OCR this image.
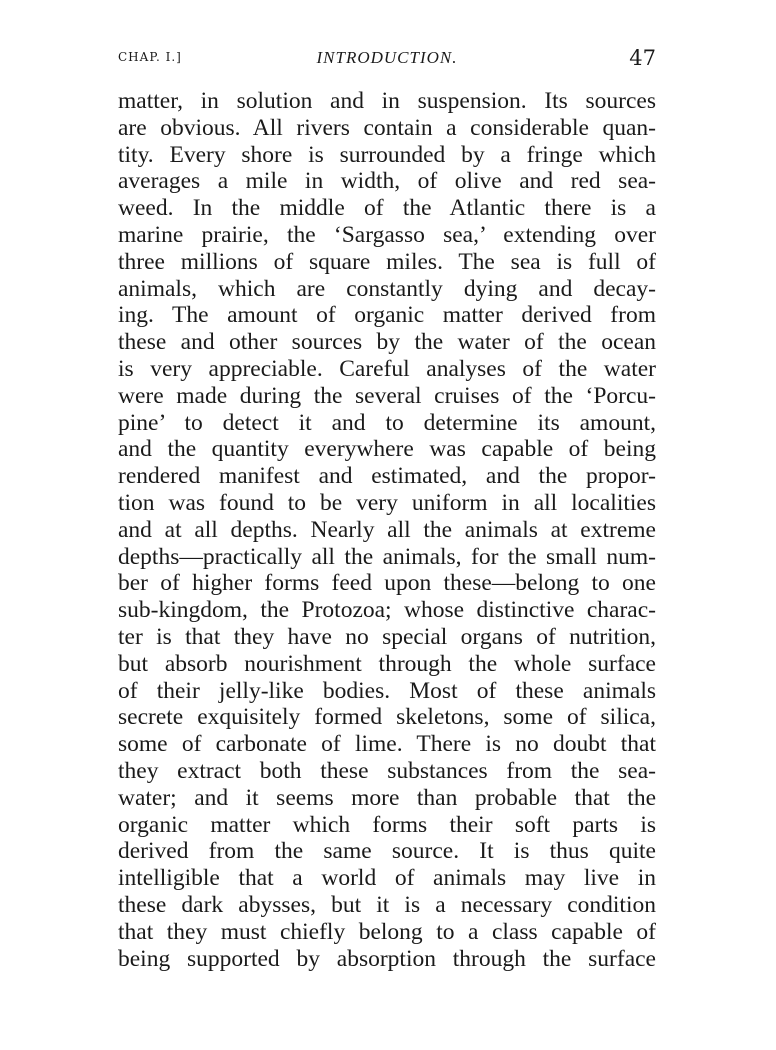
CHAP. I.]	INTRODUCTION.	47
matter, in solution and in suspension. Its sources
are obvious. All rivers contain a considerable quan-
tity. Every shore is surrounded by a fringe which
averages a mile in width, of olive and red sea-
weed. In the middle of the Atlantic there is a
marine prairie, the ‘Sargasso sea,’ extending over
three millions of square miles. The sea is full of
animals, which are constantly dying and decay-
ing. The amount of organic matter derived from
these and other sources by the water of the ocean
is very appreciable. Careful analyses of the water
were made during the several cruises of the ‘Porcu-
pine’ to detect it and to determine its amount,
and the quantity everywhere was capable of being
rendered manifest and estimated, and the propor-
tion was found to be very uniform in all localities
and at all depths. Nearly all the animals at extreme
depths—practically all the animals, for the small num-
ber of higher forms feed upon these—belong to one
sub-kingdom, the Protozoa; whose distinctive charac-
ter is that they have no special organs of nutrition,
but absorb nourishment through the whole surface
of their jelly-like bodies. Most of these animals
secrete exquisitely formed skeletons, some of silica,
some of carbonate of lime. There is no doubt that
they extract both these substances from the sea-
water; and it seems more than probable that the
organic matter which forms their soft parts is
derived from the same source. It is thus quite
intelligible that a world of animals may live in
these dark abysses, but it is a necessary condition
that they must chiefly belong to a class capable of
being supported by absorption through the surface
